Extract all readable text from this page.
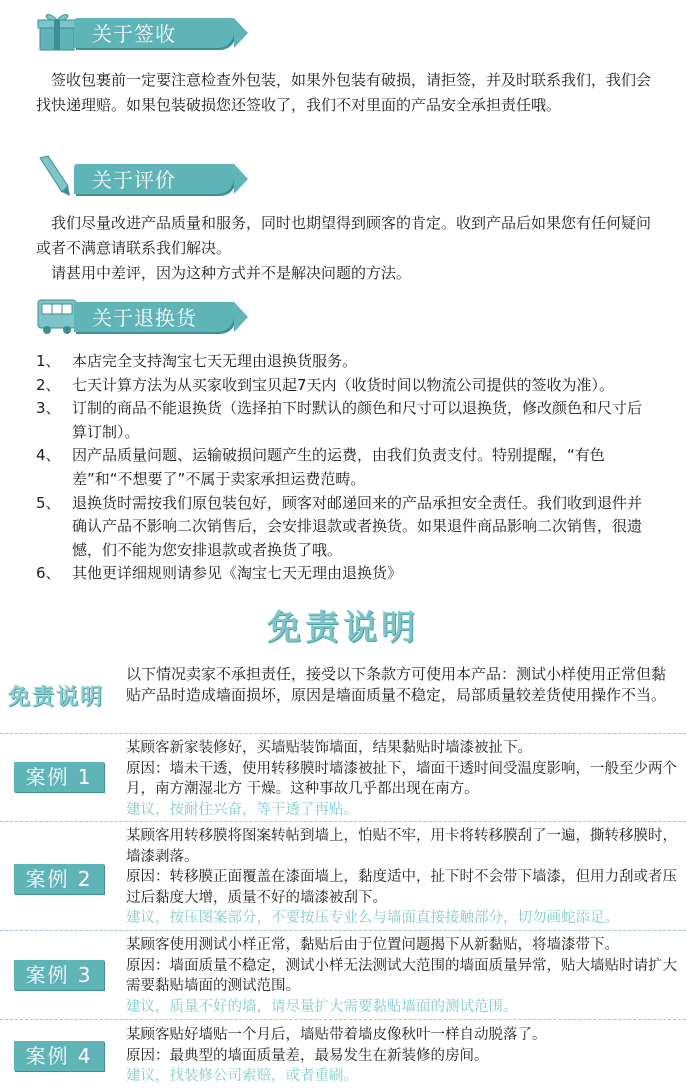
关于签收

签收包裹前一定要注意检查外包装，如果外包装有破损，请拒签，并及时联系我们，我们会找快递理赔。如果包装破损您还签收了，我们不对里面的产品安全承担责任哦。

关于评价

我们尽量改进产品质量和服务，同时也期望得到顾客的肯定。收到产品后如果您有任何疑问或者不满意请联系我们解决。

请甚用中差评，因为这种方式并不是解决问题的方法。

关于退换货
1、 本店完全支持淘宝七天无理由退换货服务。
2、 七天计算方法为从买家收到宝贝起7天内（收货时间以物流公司提供的签收为准）。
3、 订制的商品不能退换货（选择拍下时默认的颜色和尺寸可以退换货，修改颜色和尺寸后算订制）。
4、 因产品质量问题、运输破损问题产生的运费，由我们负责支付。特别提醒，“有色差”和“不想要了”不属于卖家承担运费范畴。
5、 退换货时需按我们原包装包好，顾客对邮递回来的产品承担安全责任。我们收到退件并确认产品不影响二次销售后，会安排退款或者换货。如果退件商品影响二次销售，很遗憾，们不能为您安排退款或者换货了哦。
6、 其他更详细规则请参见《淘宝七天无理由退换货》
免责说明
免责说明
以下情况卖家不承担责任，接受以下条款方可使用本产品：测试小样使用正常但黏贴产品时造成墙面损坏，原因是墙面质量不稳定，局部质量较差货使用操作不当。
案例 1

某顾客新家装修好，买墙贴装饰墙面，结果黏贴时墙漆被扯下。

原因：墙未干透，使用转移膜时墙漆被扯下，墙面干透时间受温度影响，一般至少两个月，南方潮湿北方 干燥。这种事故几乎都出现在南方。

建议，按耐住兴奋，等干透了再贴。

案例 2

某顾客用转移膜将图案转帖到墙上，怕贴不牢，用卡将转移膜刮了一遍，撕转移膜时，墙漆剥落。

原因：转移膜正面覆盖在漆面墙上，黏度适中，扯下时不会带下墙漆，但用力刮或者压过后黏度大增，质量不好的墙漆被刮下。

建议，按压图案部分，不要按压专业么与墙面直接接触部分，切勿画蛇添足。

案例 3

某顾客使用测试小样正常，黏贴后由于位置问题揭下从新黏贴，将墙漆带下。

原因：墙面质量不稳定，测试小样无法测试大范围的墙面质量异常，贴大墙贴时请扩大需要黏贴墙面的测试范围。

建议，质量不好的墙，请尽量扩大需要黏贴墙面的测试范围。

案例 4

某顾客贴好墙贴一个月后，墙贴带着墙皮像秋叶一样自动脱落了。

原因：最典型的墙面质量差，最易发生在新装修的房间。

建议，找装修公司索赔，或者重刷。
